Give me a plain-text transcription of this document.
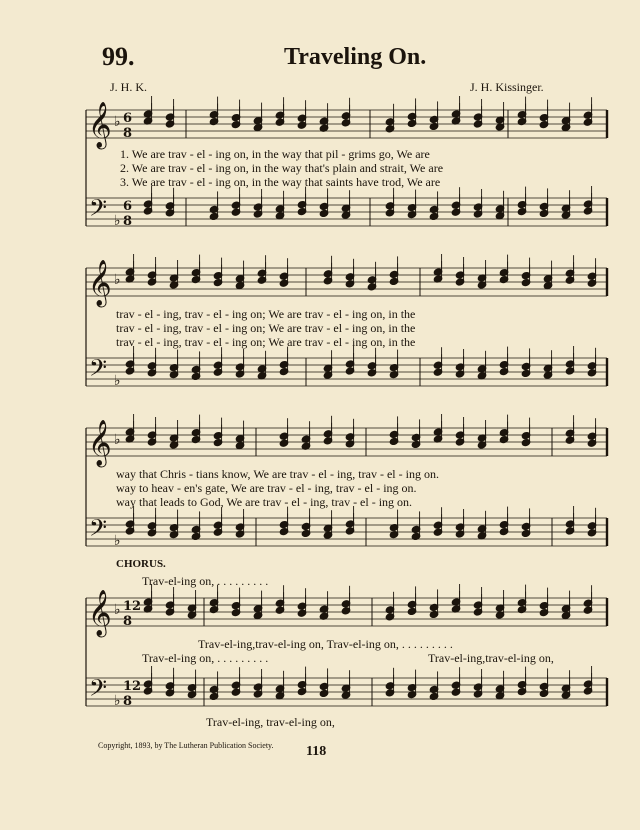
99.	Traveling On.
J. H. K.	J. H. Kissinger.
𝄞
𝄢
♭
♭
6
8
6
8
𝄞
𝄢
♭
♭
𝄞
𝄢
♭
♭
𝄞
𝄢
♭
♭
12
8
12
8
1. We are trav - el - ing on, in the way that pil - grims go, We are
2. We are trav - el - ing on, in the way that's plain and strait, We are
3. We are trav - el - ing on, in the way that saints have trod, We are
trav - el - ing, trav - el - ing on; We are trav - el - ing on, in the
trav - el - ing, trav - el - ing on; We are trav - el - ing on, in the
trav - el - ing, trav - el - ing on; We are trav - el - ing on, in the
way that Chris - tians know, We are trav - el - ing, trav - el - ing on.
way to heav - en's gate, We are trav - el - ing, trav - el - ing on.
way that leads to God, We are trav - el - ing, trav - el - ing on.
CHORUS.
Trav-el-ing on, . . . . . . . . .
Trav-el-ing,trav-el-ing on, Trav-el-ing on, . . . . . . . . .
Trav-el-ing on, . . . . . . . . .	Trav-el-ing,trav-el-ing on,
Trav-el-ing, trav-el-ing on,
Copyright, 1893, by The Lutheran Publication Society. 118
